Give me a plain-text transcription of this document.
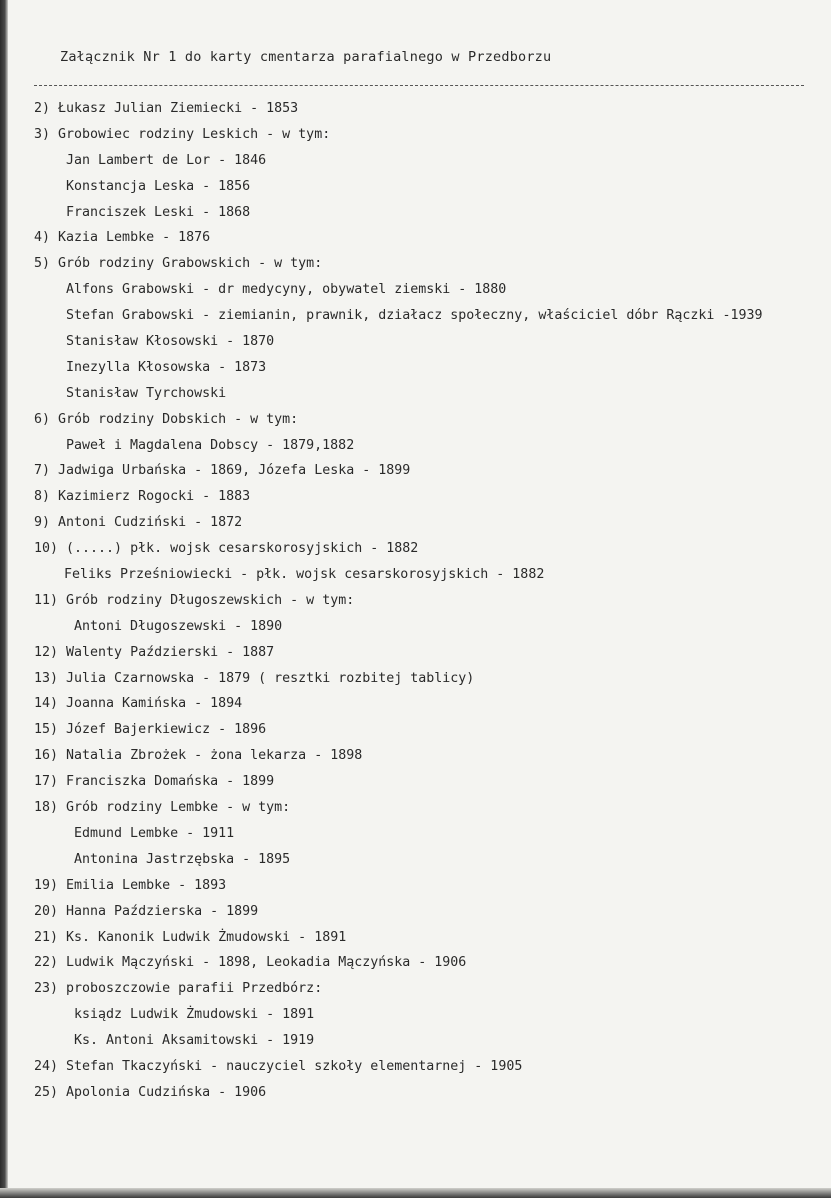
Załącznik Nr 1 do karty cmentarza parafialnego w Przedborzu
2) Łukasz Julian Ziemiecki - 1853
3) Grobowiec rodziny Leskich - w tym:
Jan Lambert de Lor - 1846
Konstancja Leska - 1856
Franciszek Leski - 1868
4) Kazia Lembke - 1876
5) Grób rodziny Grabowskich - w tym:
Alfons Grabowski - dr medycyny, obywatel ziemski - 1880
Stefan Grabowski - ziemianin, prawnik, działacz społeczny, właściciel dóbr Rączki -1939
Stanisław Kłosowski - 1870
Inezylla Kłosowska - 1873
Stanisław Tyrchowski
6) Grób rodziny Dobskich - w tym:
Paweł i Magdalena Dobscy - 1879,1882
7) Jadwiga Urbańska - 1869, Józefa Leska - 1899
8) Kazimierz Rogocki - 1883
9) Antoni Cudziński - 1872
10) (.....) płk. wojsk cesarskorosyjskich - 1882
Feliks Prześniowiecki - płk. wojsk cesarskorosyjskich - 1882
11) Grób rodziny Długoszewskich - w tym:
Antoni Długoszewski - 1890
12) Walenty Paździerski - 1887
13) Julia Czarnowska - 1879 ( resztki rozbitej tablicy)
14) Joanna Kamińska - 1894
15) Józef Bajerkiewicz - 1896
16) Natalia Zbrożek - żona lekarza - 1898
17) Franciszka Domańska - 1899
18) Grób rodziny Lembke - w tym:
Edmund Lembke - 1911
Antonina Jastrzębska - 1895
19) Emilia Lembke - 1893
20) Hanna Paździerska - 1899
21) Ks. Kanonik Ludwik Żmudowski - 1891
22) Ludwik Mączyński - 1898, Leokadia Mączyńska - 1906
23) proboszczowie parafii Przedbórz:
ksiądz Ludwik Żmudowski - 1891
Ks. Antoni Aksamitowski - 1919
24) Stefan Tkaczyński - nauczyciel szkoły elementarnej - 1905
25) Apolonia Cudzińska - 1906
